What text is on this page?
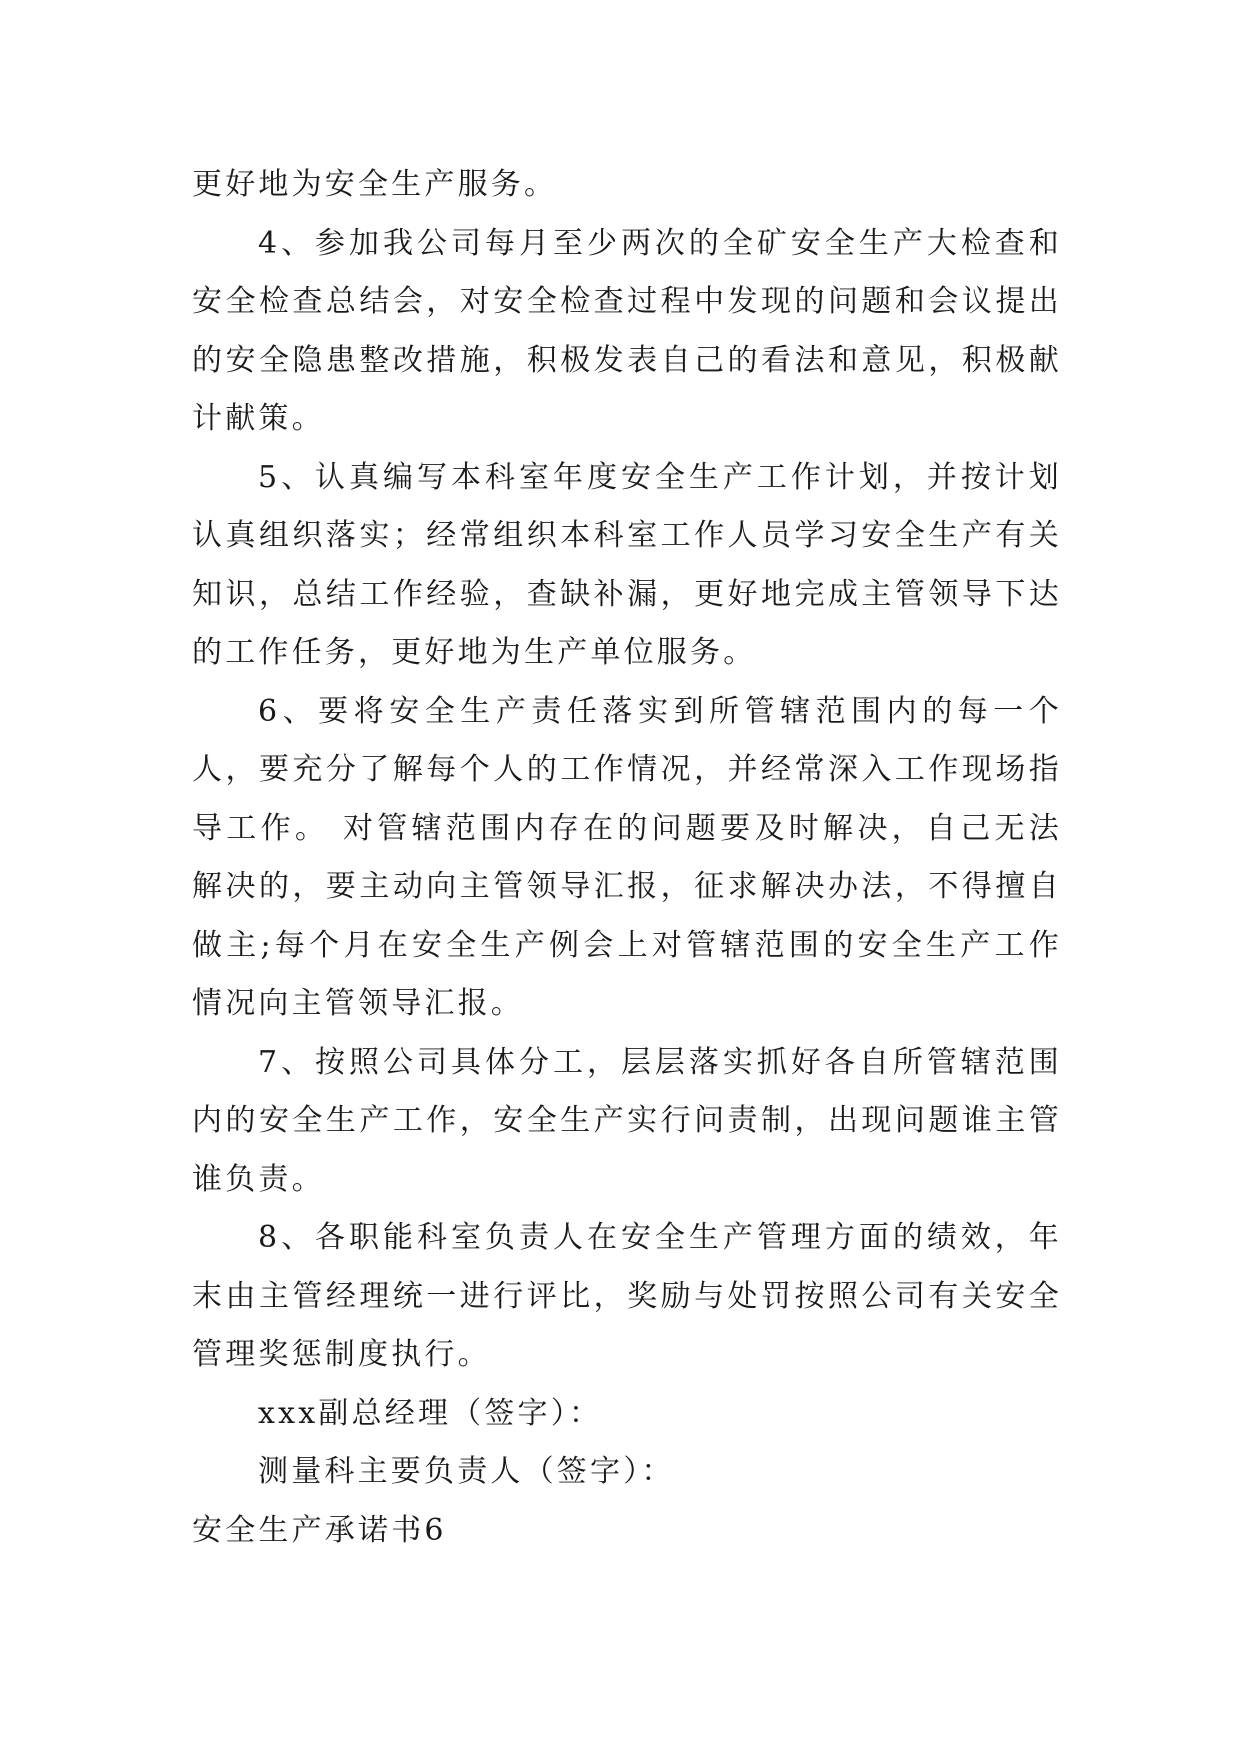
更好地为安全生产服务。

4、参加我公司每月至少两次的全矿安全生产大检查和安全检查总结会，对安全检查过程中发现的问题和会议提出的安全隐患整改措施，积极发表自己的看法和意见，积极献计献策。

5、认真编写本科室年度安全生产工作计划，并按计划认真组织落实；经常组织本科室工作人员学习安全生产有关知识，总结工作经验，查缺补漏，更好地完成主管领导下达的工作任务，更好地为生产单位服务。

6、要将安全生产责任落实到所管辖范围内的每一个人，要充分了解每个人的工作情况，并经常深入工作现场指导工作。 对管辖范围内存在的问题要及时解决，自己无法解决的，要主动向主管领导汇报，征求解决办法，不得擅自做主;每个月在安全生产例会上对管辖范围的安全生产工作情况向主管领导汇报。

7、按照公司具体分工，层层落实抓好各自所管辖范围内的安全生产工作，安全生产实行问责制，出现问题谁主管谁负责。

8、各职能科室负责人在安全生产管理方面的绩效，年末由主管经理统一进行评比，奖励与处罚按照公司有关安全管理奖惩制度执行。

xxx副总经理（签字）：

测量科主要负责人（签字）：

安全生产承诺书6
